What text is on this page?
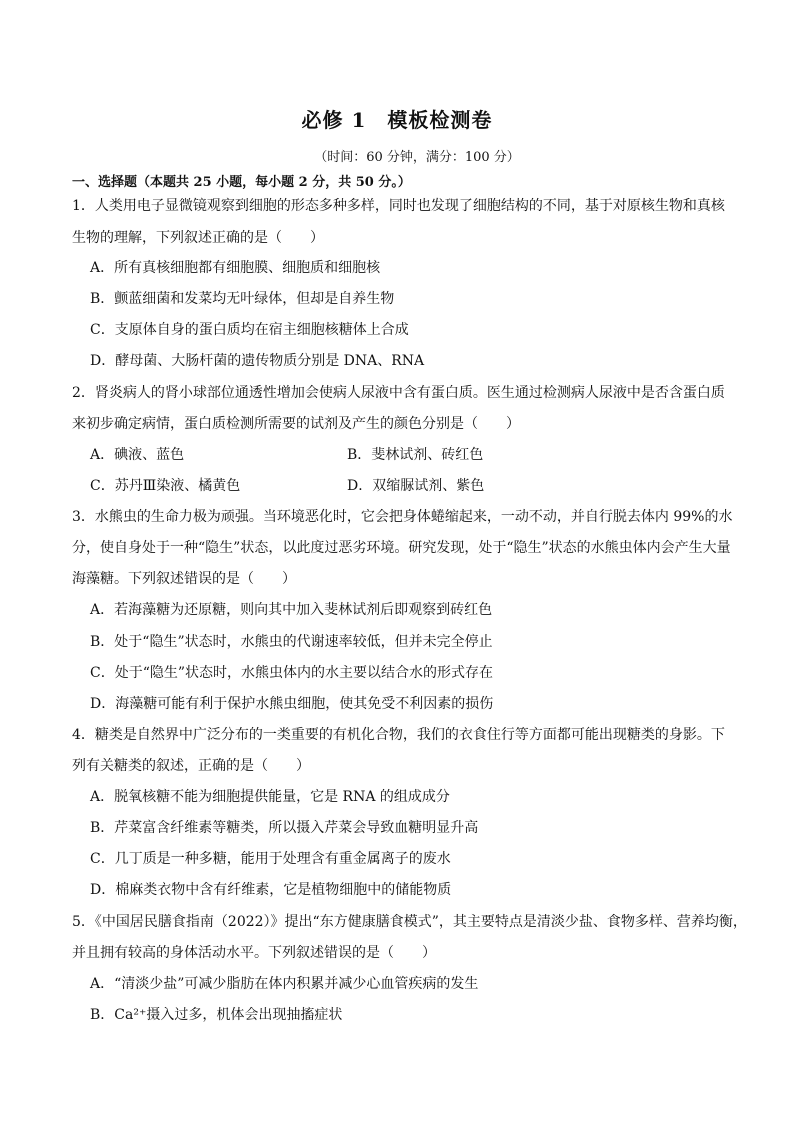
必修 1　模板检测卷
（时间：60 分钟，满分：100 分）
一、选择题（本题共 25 小题，每小题 2 分，共 50 分。）
1．人类用电子显微镜观察到细胞的形态多种多样，同时也发现了细胞结构的不同，基于对原核生物和真核
生物的理解，下列叙述正确的是（　　）
A．所有真核细胞都有细胞膜、细胞质和细胞核
B．颤蓝细菌和发菜均无叶绿体，但却是自养生物
C．支原体自身的蛋白质均在宿主细胞核糖体上合成
D．酵母菌、大肠杆菌的遗传物质分别是 DNA、RNA
2．肾炎病人的肾小球部位通透性增加会使病人尿液中含有蛋白质。医生通过检测病人尿液中是否含蛋白质
来初步确定病情，蛋白质检测所需要的试剂及产生的颜色分别是（　　）
A．碘液、蓝色	B．斐林试剂、砖红色
C．苏丹Ⅲ染液、橘黄色	D．双缩脲试剂、紫色
3．水熊虫的生命力极为顽强。当环境恶化时，它会把身体蜷缩起来，一动不动，并自行脱去体内 99%的水
分，使自身处于一种“隐生”状态，以此度过恶劣环境。研究发现，处于“隐生”状态的水熊虫体内会产生大量
海藻糖。下列叙述错误的是（　　）
A．若海藻糖为还原糖，则向其中加入斐林试剂后即观察到砖红色
B．处于“隐生”状态时，水熊虫的代谢速率较低，但并未完全停止
C．处于“隐生”状态时，水熊虫体内的水主要以结合水的形式存在
D．海藻糖可能有利于保护水熊虫细胞，使其免受不利因素的损伤
4．糖类是自然界中广泛分布的一类重要的有机化合物，我们的衣食住行等方面都可能出现糖类的身影。下
列有关糖类的叙述，正确的是（　　）
A．脱氧核糖不能为细胞提供能量，它是 RNA 的组成成分
B．芹菜富含纤维素等糖类，所以摄入芹菜会导致血糖明显升高
C．几丁质是一种多糖，能用于处理含有重金属离子的废水
D．棉麻类衣物中含有纤维素，它是植物细胞中的储能物质
5．《中国居民膳食指南（2022）》提出“东方健康膳食模式”，其主要特点是清淡少盐、食物多样、营养均衡，
并且拥有较高的身体活动水平。下列叙述错误的是（　　）
A．“清淡少盐”可减少脂肪在体内积累并减少心血管疾病的发生
B．Ca²⁺摄入过多，机体会出现抽搐症状
